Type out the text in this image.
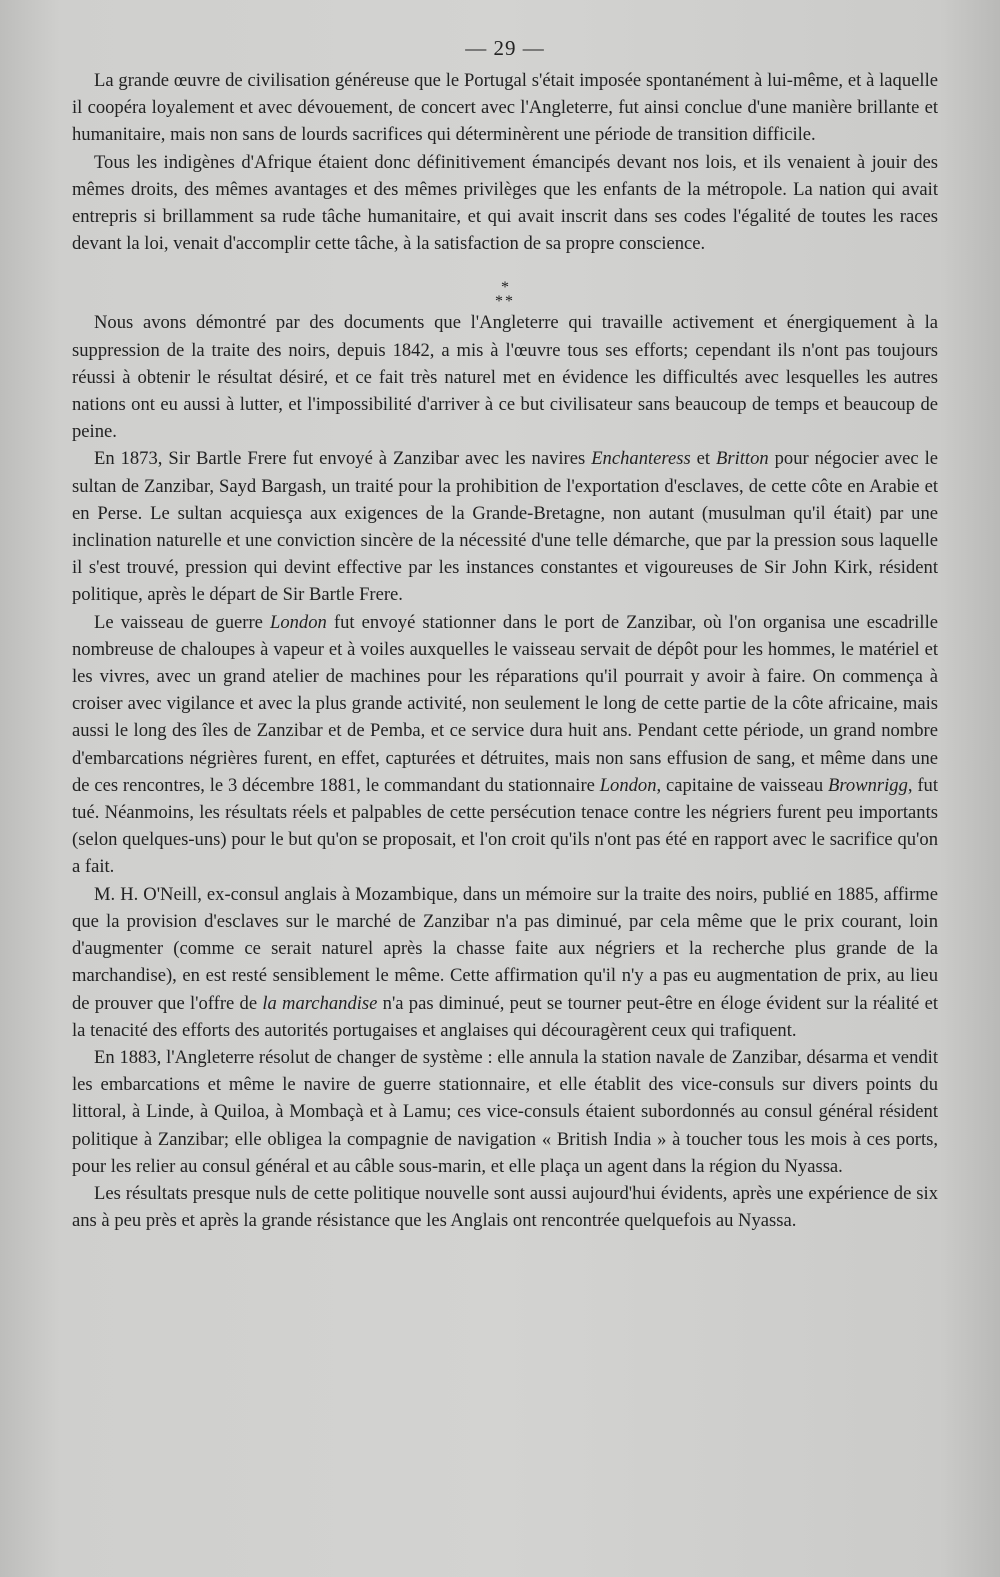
— 29 —

La grande œuvre de civilisation généreuse que le Portugal s'était imposée spontanément à lui-même, et à laquelle il coopéra loyalement et avec dévouement, de concert avec l'Angleterre, fut ainsi conclue d'une manière brillante et humanitaire, mais non sans de lourds sacrifices qui déterminèrent une période de transition difficile.

Tous les indigènes d'Afrique étaient donc définitivement émancipés devant nos lois, et ils venaient à jouir des mêmes droits, des mêmes avantages et des mêmes privilèges que les enfants de la métropole. La nation qui avait entrepris si brillamment sa rude tâche humanitaire, et qui avait inscrit dans ses codes l'égalité de toutes les races devant la loi, venait d'accomplir cette tâche, à la satisfaction de sa propre conscience.

*
**

Nous avons démontré par des documents que l'Angleterre qui travaille activement et énergiquement à la suppression de la traite des noirs, depuis 1842, a mis à l'œuvre tous ses efforts; cependant ils n'ont pas toujours réussi à obtenir le résultat désiré, et ce fait très naturel met en évidence les difficultés avec lesquelles les autres nations ont eu aussi à lutter, et l'impossibilité d'arriver à ce but civilisateur sans beaucoup de temps et beaucoup de peine.

En 1873, Sir Bartle Frere fut envoyé à Zanzibar avec les navires Enchanteress et Britton pour négocier avec le sultan de Zanzibar, Sayd Bargash, un traité pour la prohibition de l'exportation d'esclaves, de cette côte en Arabie et en Perse. Le sultan acquiesça aux exigences de la Grande-Bretagne, non autant (musulman qu'il était) par une inclination naturelle et une conviction sincère de la nécessité d'une telle démarche, que par la pression sous laquelle il s'est trouvé, pression qui devint effective par les instances constantes et vigoureuses de Sir John Kirk, résident politique, après le départ de Sir Bartle Frere.

Le vaisseau de guerre London fut envoyé stationner dans le port de Zanzibar, où l'on organisa une escadrille nombreuse de chaloupes à vapeur et à voiles auxquelles le vaisseau servait de dépôt pour les hommes, le matériel et les vivres, avec un grand atelier de machines pour les réparations qu'il pourrait y avoir à faire. On commença à croiser avec vigilance et avec la plus grande activité, non seulement le long de cette partie de la côte africaine, mais aussi le long des îles de Zanzibar et de Pemba, et ce service dura huit ans. Pendant cette période, un grand nombre d'embarcations négrières furent, en effet, capturées et détruites, mais non sans effusion de sang, et même dans une de ces rencontres, le 3 décembre 1881, le commandant du stationnaire London, capitaine de vaisseau Brownrigg, fut tué. Néanmoins, les résultats réels et palpables de cette persécution tenace contre les négriers furent peu importants (selon quelques-uns) pour le but qu'on se proposait, et l'on croit qu'ils n'ont pas été en rapport avec le sacrifice qu'on a fait.

M. H. O'Neill, ex-consul anglais à Mozambique, dans un mémoire sur la traite des noirs, publié en 1885, affirme que la provision d'esclaves sur le marché de Zanzibar n'a pas diminué, par cela même que le prix courant, loin d'augmenter (comme ce serait naturel après la chasse faite aux négriers et la recherche plus grande de la marchandise), en est resté sensiblement le même. Cette affirmation qu'il n'y a pas eu augmentation de prix, au lieu de prouver que l'offre de la marchandise n'a pas diminué, peut se tourner peut-être en éloge évident sur la réalité et la tenacité des efforts des autorités portugaises et anglaises qui découragèrent ceux qui trafiquent.

En 1883, l'Angleterre résolut de changer de système : elle annula la station navale de Zanzibar, désarma et vendit les embarcations et même le navire de guerre stationnaire, et elle établit des vice-consuls sur divers points du littoral, à Linde, à Quiloa, à Mombaçà et à Lamu; ces vice-consuls étaient subordonnés au consul général résident politique à Zanzibar; elle obligea la compagnie de navigation « British India » à toucher tous les mois à ces ports, pour les relier au consul général et au câble sous-marin, et elle plaça un agent dans la région du Nyassa.

Les résultats presque nuls de cette politique nouvelle sont aussi aujourd'hui évidents, après une expérience de six ans à peu près et après la grande résistance que les Anglais ont rencontrée quelquefois au Nyassa.
